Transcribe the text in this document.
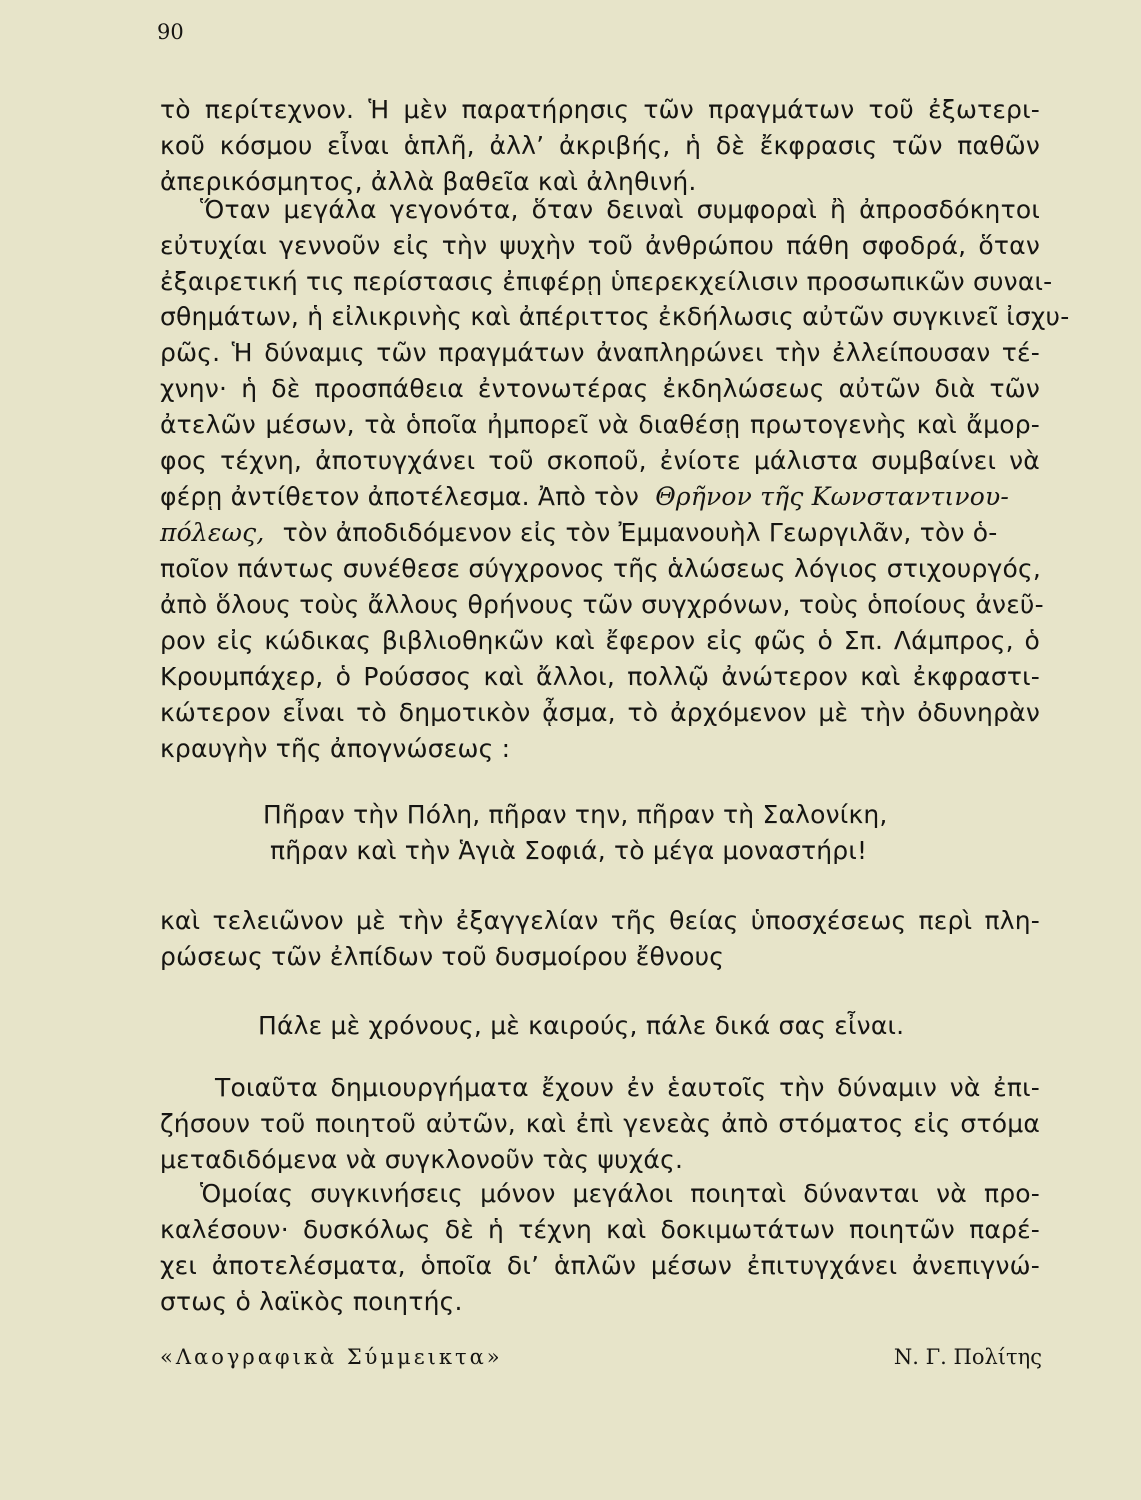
90
τὸ περίτεχνον. Ἡ μὲν παρατήρησις τῶν πραγμάτων τοῦ ἐξωτερι-
κοῦ κόσμου εἶναι ἁπλῆ, ἀλλ’ ἀκριβής, ἡ δὲ ἔκφρασις τῶν παθῶν
ἀπερικόσμητος, ἀλλὰ βαθεῖα καὶ ἀληθινή.
Ὅταν μεγάλα γεγονότα, ὅταν δειναὶ συμφοραὶ ἢ ἀπροσδόκητοι
εὐτυχίαι γεννοῦν εἰς τὴν ψυχὴν τοῦ ἀνθρώπου πάθη σφοδρά, ὅταν
ἐξαιρετική τις περίστασις ἐπιφέρῃ ὑπερεκχείλισιν προσωπικῶν συναι-
σθημάτων, ἡ εἰλικρινὴς καὶ ἀπέριττος ἐκδήλωσις αὐτῶν συγκινεῖ ἰσχυ-
ρῶς. Ἡ δύναμις τῶν πραγμάτων ἀναπληρώνει τὴν ἐλλείπουσαν τέ-
χνην· ἡ δὲ προσπάθεια ἐντονωτέρας ἐκδηλώσεως αὐτῶν διὰ τῶν
ἀτελῶν μέσων, τὰ ὁποῖα ἠμπορεῖ νὰ διαθέσῃ πρωτογενὴς καὶ ἄμορ-
φος τέχνη, ἀποτυγχάνει τοῦ σκοποῦ, ἐνίοτε μάλιστα συμβαίνει νὰ
φέρῃ ἀντίθετον ἀποτέλεσμα. Ἀπὸ τὸν Θρῆνον τῆς Κωνσταντινου-
πόλεως, τὸν ἀποδιδόμενον εἰς τὸν Ἐμμανουὴλ Γεωργιλᾶν, τὸν ὁ-
ποῖον πάντως συνέθεσε σύγχρονος τῆς ἁλώσεως λόγιος στιχουργός,
ἀπὸ ὅλους τοὺς ἄλλους θρήνους τῶν συγχρόνων, τοὺς ὁποίους ἀνεῦ-
ρον εἰς κώδικας βιβλιοθηκῶν καὶ ἔφερον εἰς φῶς ὁ Σπ. Λάμπρος, ὁ
Κρουμπάχερ, ὁ Ρούσσος καὶ ἄλλοι, πολλῷ ἀνώτερον καὶ ἐκφραστι-
κώτερον εἶναι τὸ δημοτικὸν ᾆσμα, τὸ ἀρχόμενον μὲ τὴν ὀδυνηρὰν
κραυγὴν τῆς ἀπογνώσεως :
Πῆραν τὴν Πόλη, πῆραν την, πῆραν τὴ Σαλονίκη,
πῆραν καὶ τὴν Ἁγιὰ Σοφιά, τὸ μέγα μοναστήρι!
καὶ τελειῶνον μὲ τὴν ἐξαγγελίαν τῆς θείας ὑποσχέσεως περὶ πλη-
ρώσεως τῶν ἐλπίδων τοῦ δυσμοίρου ἔθνους
Πάλε μὲ χρόνους, μὲ καιρούς, πάλε δικά σας εἶναι.
Τοιαῦτα δημιουργήματα ἔχουν ἐν ἑαυτοῖς τὴν δύναμιν νὰ ἐπι-
ζήσουν τοῦ ποιητοῦ αὐτῶν, καὶ ἐπὶ γενεὰς ἀπὸ στόματος εἰς στόμα
μεταδιδόμενα νὰ συγκλονοῦν τὰς ψυχάς.
Ὁμοίας συγκινήσεις μόνον μεγάλοι ποιηταὶ δύνανται νὰ προ-
καλέσουν· δυσκόλως δὲ ἡ τέχνη καὶ δοκιμωτάτων ποιητῶν παρέ-
χει ἀποτελέσματα, ὁποῖα δι’ ἁπλῶν μέσων ἐπιτυγχάνει ἀνεπιγνώ-
στως ὁ λαϊκὸς ποιητής.
«Λαογραφικὰ Σύμμεικτα»	Ν. Γ. Πολίτης
